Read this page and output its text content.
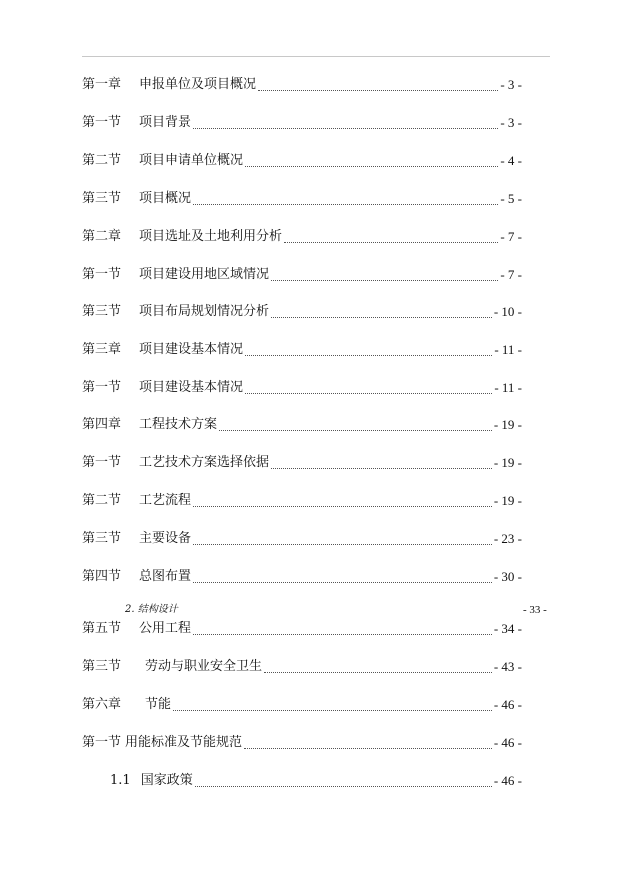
第一章 申报单位及项目概况	- 3 -
第一节 项目背景	- 3 -
第二节 项目申请单位概况	- 4 -
第三节 项目概况	- 5 -
第二章 项目选址及土地利用分析	- 7 -
第一节 项目建设用地区域情况	- 7 -
第三节 项目布局规划情况分析	- 10 -
第三章 项目建设基本情况	- 11 -
第一节 项目建设基本情况	- 11 -
第四章 工程技术方案	- 19 -
第一节 工艺技术方案选择依据	- 19 -
第二节 工艺流程	- 19 -
第三节 主要设备	- 23 -
第四节 总图布置	- 30 -
第五节 公用工程	- 34 -
第三节 劳动与职业安全卫生	- 43 -
第六章 节能	- 46 -
第一节 用能标准及节能规范	- 46 -
1.1 国家政策	- 46 -
2. 结构设计	- 33 -
